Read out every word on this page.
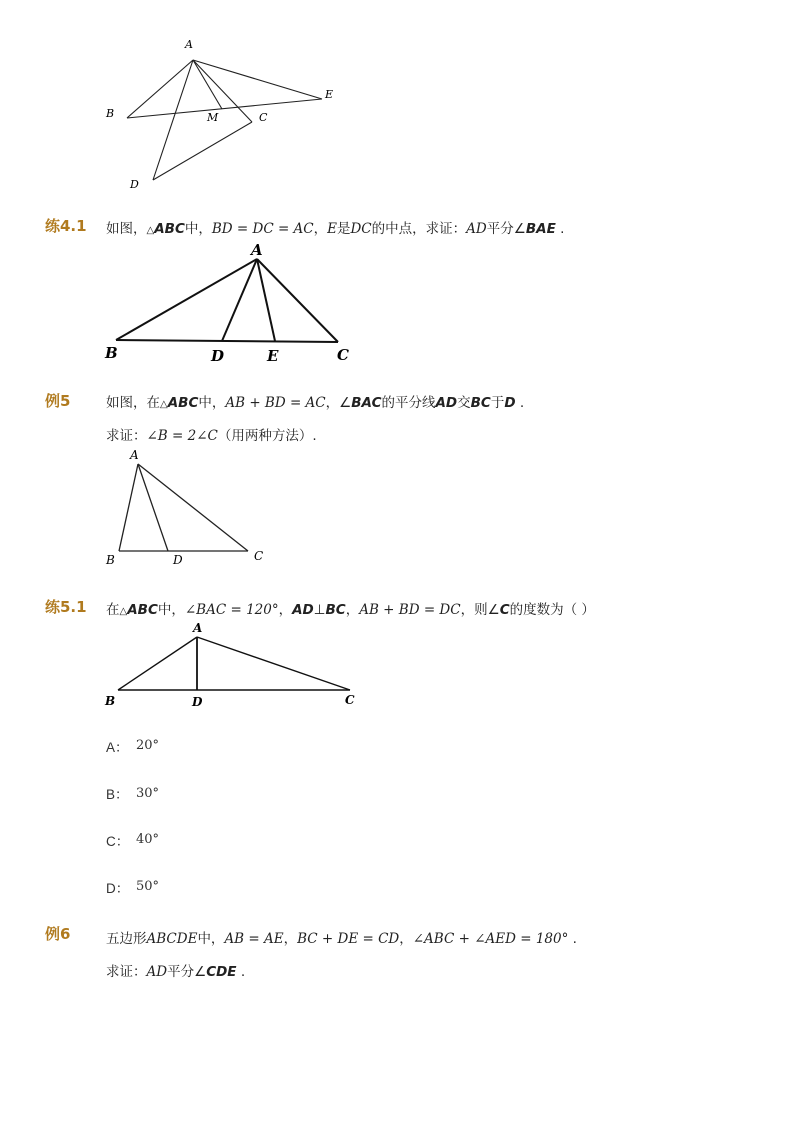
A
B	M	C
E
D
练4.1 如图，△ABC中，BD = DC = AC，E是DC的中点，求证：AD平分∠BAE .
A
B	D	E	C
例5	如图，在△ABC中，AB + BD = AC，∠BAC的平分线AD交BC于D .
求证：∠B = 2∠C（用两种方法）.
A
B	D	C
练5.1 在△ABC中，∠BAC = 120°，AD⊥BC，AB + BD = DC，则∠C的度数为（ ）
A
B	D	C
A： 20°
B： 30°
C： 40°
D： 50°
例6	五边形ABCDE中，AB = AE，BC + DE = CD，∠ABC + ∠AED = 180° .
求证：AD平分∠CDE .
